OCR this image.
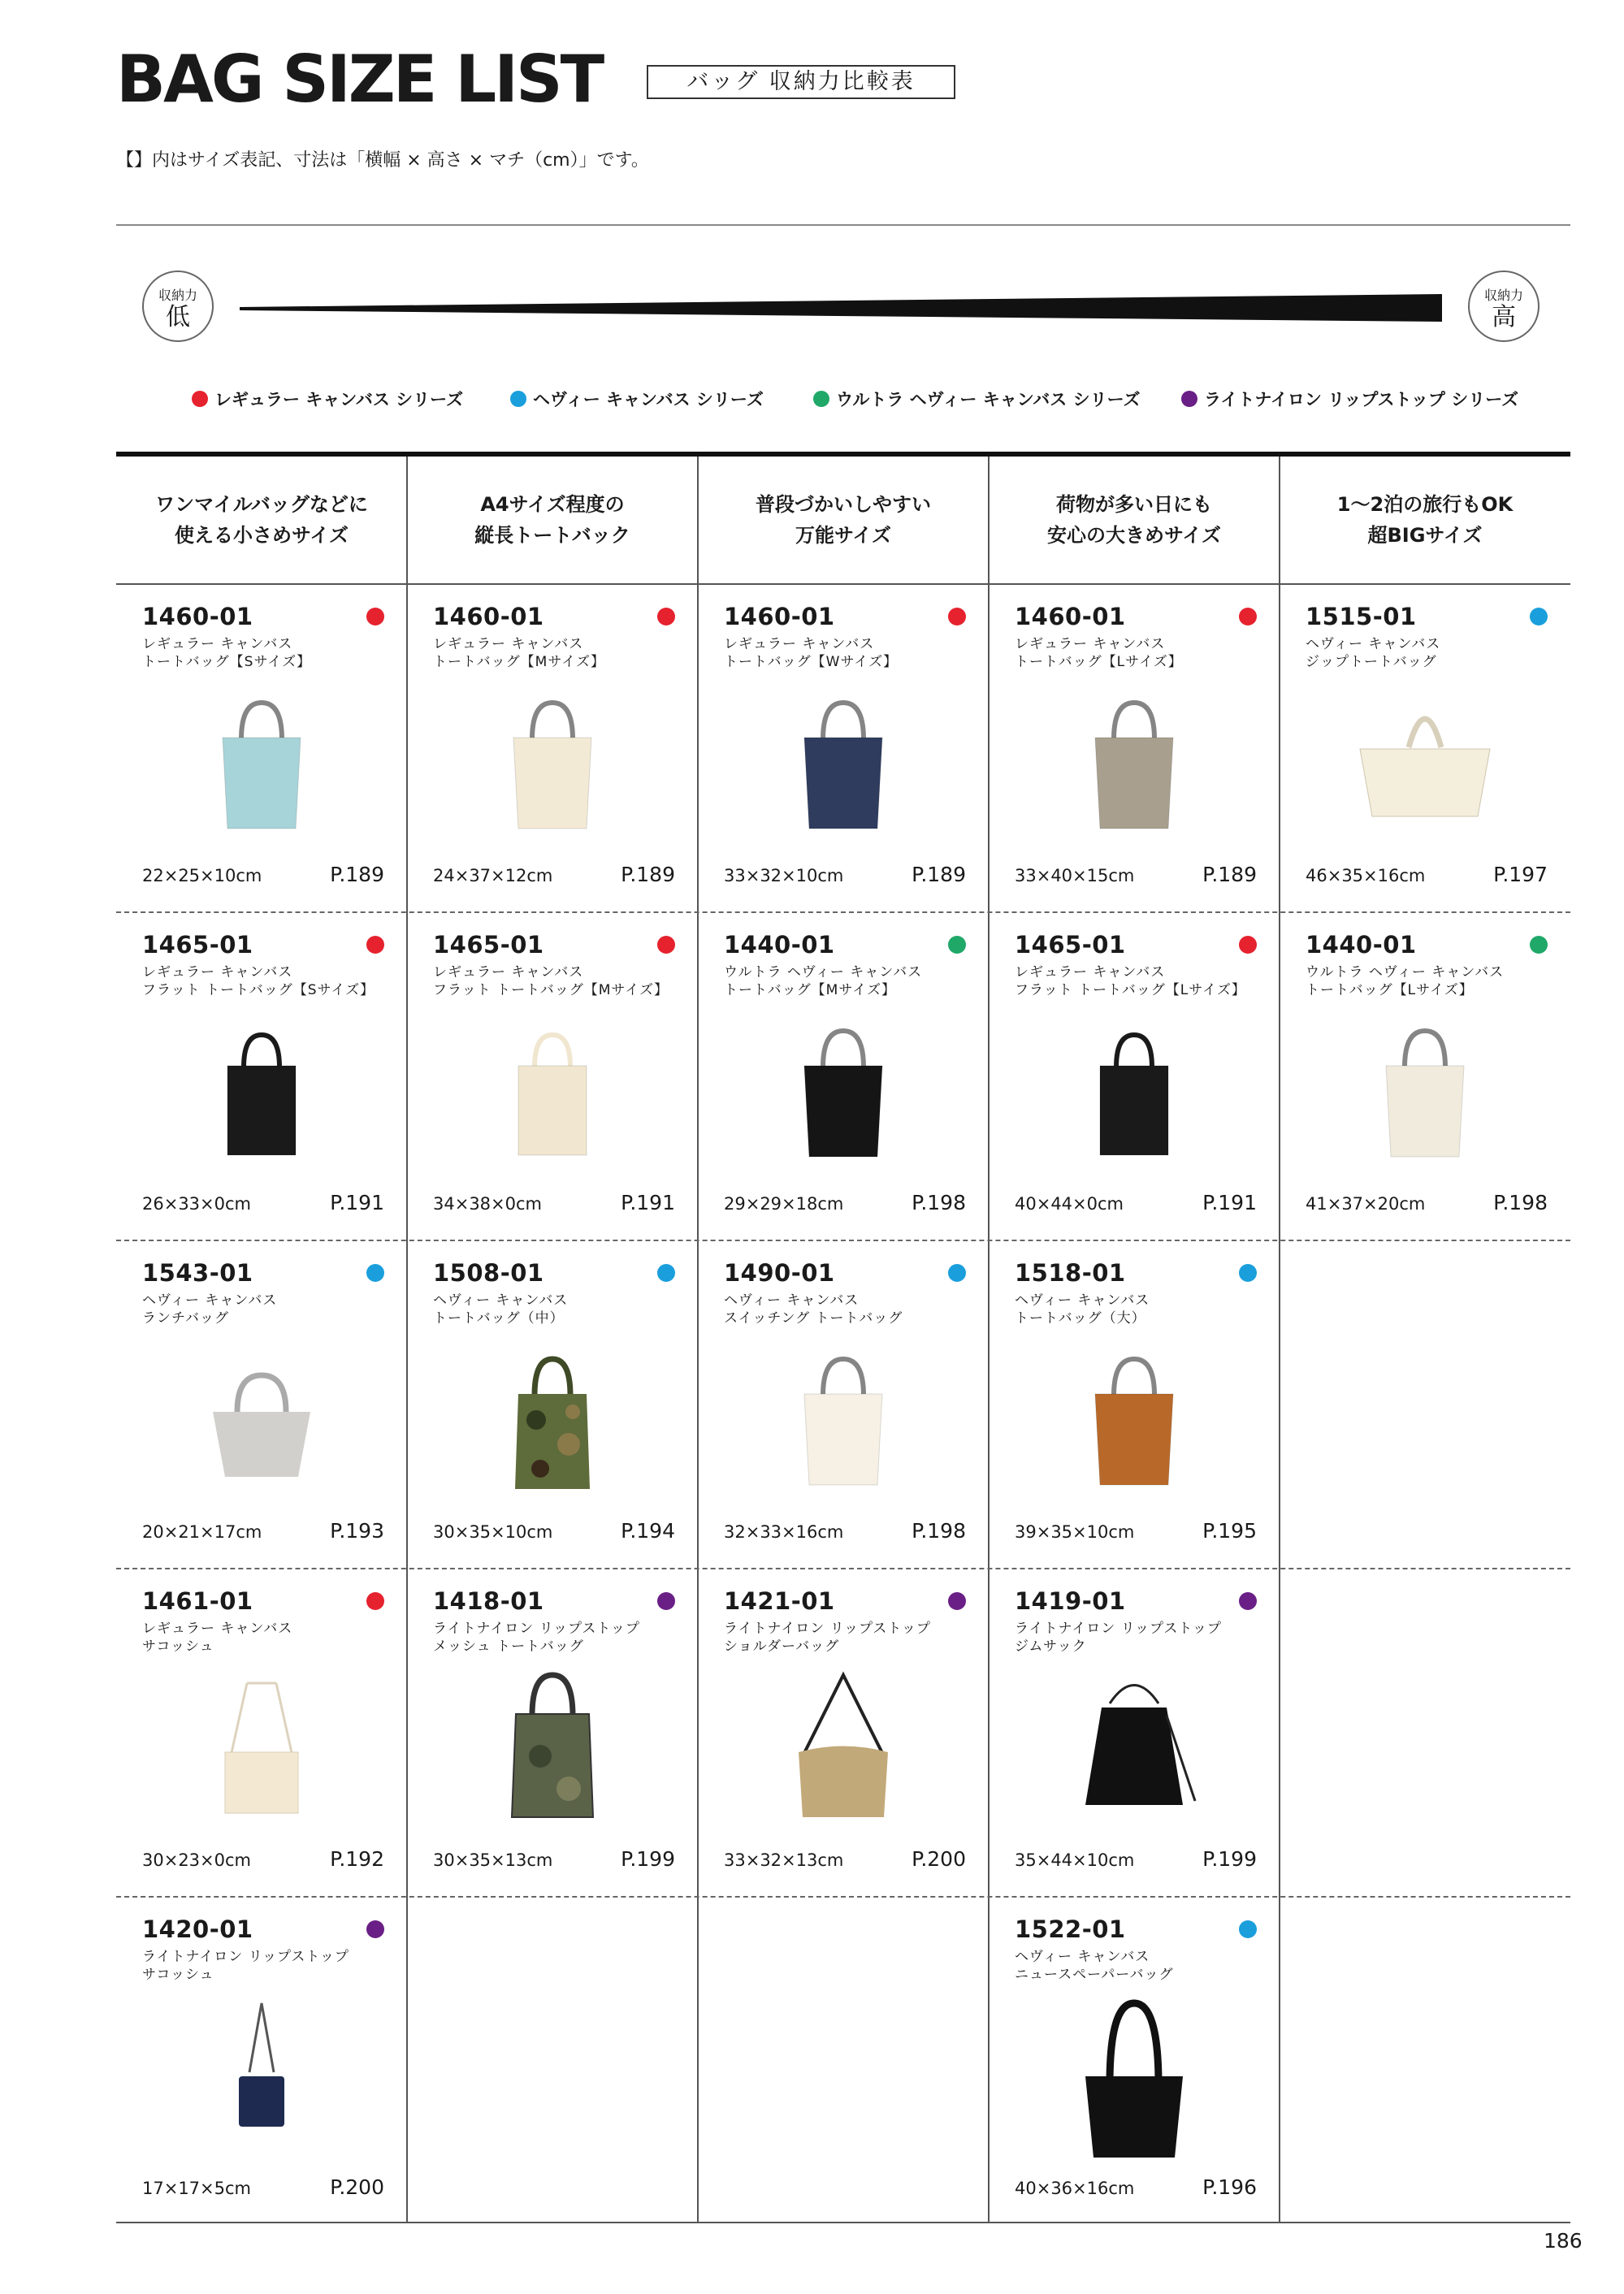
BAG SIZE LIST	バッグ 収納力比較表
【】内はサイズ表記、寸法は「横幅 × 高さ × マチ（cm）」です。
収納力
低
収納力
高
レギュラー キャンバス シリーズ	ヘヴィー キャンバス シリーズ	ウルトラ ヘヴィー キャンバス シリーズ	ライトナイロン リップストップ シリーズ
ワンマイルバッグなどに
使える小さめサイズ
A4サイズ程度の
縦長トートバック
普段づかいしやすい
万能サイズ
荷物が多い日にも
安心の大きめサイズ
1～2泊の旅行もOK
超BIGサイズ
1460-01
レギュラー キャンバス
トートバッグ【Sサイズ】
22×25×10cm	P.189
1460-01
レギュラー キャンバス
トートバッグ【Mサイズ】
24×37×12cm	P.189
1460-01
レギュラー キャンバス
トートバッグ【Wサイズ】
33×32×10cm	P.189
1460-01
レギュラー キャンバス
トートバッグ【Lサイズ】
33×40×15cm	P.189
1515-01
ヘヴィー キャンバス
ジップトートバッグ
46×35×16cm	P.197
1465-01
レギュラー キャンバス
フラット トートバッグ【Sサイズ】
26×33×0cm	P.191
1465-01
レギュラー キャンバス
フラット トートバッグ【Mサイズ】
34×38×0cm	P.191
1440-01
ウルトラ ヘヴィー キャンバス
トートバッグ【Mサイズ】
29×29×18cm	P.198
1465-01
レギュラー キャンバス
フラット トートバッグ【Lサイズ】
40×44×0cm	P.191
1440-01
ウルトラ ヘヴィー キャンバス
トートバッグ【Lサイズ】
41×37×20cm	P.198
1543-01
ヘヴィー キャンバス
ランチバッグ
20×21×17cm	P.193
1508-01
ヘヴィー キャンバス
トートバッグ（中）
30×35×10cm	P.194
1490-01
ヘヴィー キャンバス
スイッチング トートバッグ
32×33×16cm	P.198
1518-01
ヘヴィー キャンバス
トートバッグ（大）
39×35×10cm	P.195
1461-01
レギュラー キャンバス
サコッシュ
30×23×0cm	P.192
1418-01
ライトナイロン リップストップ
メッシュ トートバッグ
30×35×13cm	P.199
1421-01
ライトナイロン リップストップ
ショルダーバッグ
33×32×13cm	P.200
1419-01
ライトナイロン リップストップ
ジムサック
35×44×10cm	P.199
1420-01
ライトナイロン リップストップ
サコッシュ
17×17×5cm	P.200
1522-01
ヘヴィー キャンバス
ニュースペーパーバッグ
40×36×16cm	P.196
186
